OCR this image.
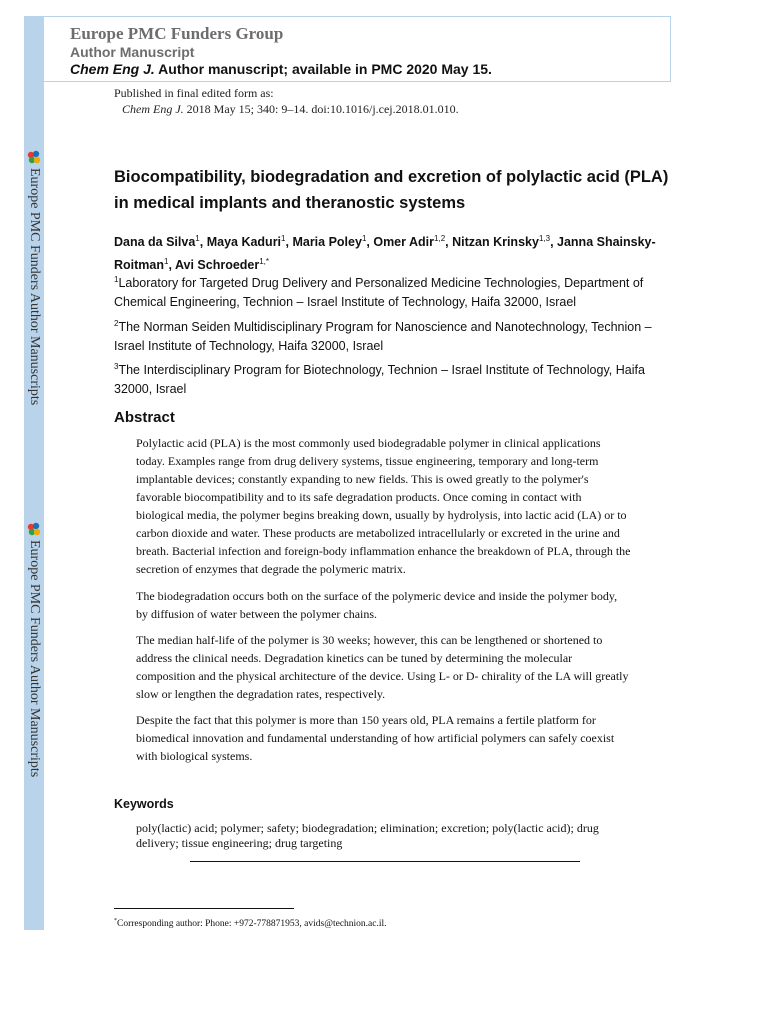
Europe PMC Funders Author Manuscripts
Europe PMC Funders Author Manuscripts
Europe PMC Funders Group
Author Manuscript
Chem Eng J. Author manuscript; available in PMC 2020 May 15.
Published in final edited form as:
Chem Eng J. 2018 May 15; 340: 9–14. doi:10.1016/j.cej.2018.01.010.
Biocompatibility, biodegradation and excretion of polylactic acid (PLA) in medical implants and theranostic systems
Dana da Silva$^1$, Maya Kaduri$^1$, Maria Poley$^1$, Omer Adir$^{1,2}$, Nitzan Krinsky$^{1,3}$, Janna Shainsky-Roitman$^1$, Avi Schroeder$^{1,*}$
$^1$Laboratory for Targeted Drug Delivery and Personalized Medicine Technologies, Department of Chemical Engineering, Technion – Israel Institute of Technology, Haifa 32000, Israel
$^2$The Norman Seiden Multidisciplinary Program for Nanoscience and Nanotechnology, Technion – Israel Institute of Technology, Haifa 32000, Israel
$^3$The Interdisciplinary Program for Biotechnology, Technion – Israel Institute of Technology, Haifa 32000, Israel
Abstract
Polylactic acid (PLA) is the most commonly used biodegradable polymer in clinical applications today. Examples range from drug delivery systems, tissue engineering, temporary and long-term implantable devices; constantly expanding to new fields. This is owed greatly to the polymer's favorable biocompatibility and to its safe degradation products. Once coming in contact with biological media, the polymer begins breaking down, usually by hydrolysis, into lactic acid (LA) or to carbon dioxide and water. These products are metabolized intracellularly or excreted in the urine and breath. Bacterial infection and foreign-body inflammation enhance the breakdown of PLA, through the secretion of enzymes that degrade the polymeric matrix.
The biodegradation occurs both on the surface of the polymeric device and inside the polymer body, by diffusion of water between the polymer chains.
The median half-life of the polymer is 30 weeks; however, this can be lengthened or shortened to address the clinical needs. Degradation kinetics can be tuned by determining the molecular composition and the physical architecture of the device. Using L- or D- chirality of the LA will greatly slow or lengthen the degradation rates, respectively.
Despite the fact that this polymer is more than 150 years old, PLA remains a fertile platform for biomedical innovation and fundamental understanding of how artificial polymers can safely coexist with biological systems.
Keywords
poly(lactic) acid; polymer; safety; biodegradation; elimination; excretion; poly(lactic acid); drug delivery; tissue engineering; drug targeting
*Corresponding author: Phone: +972-778871953, avids@technion.ac.il.
